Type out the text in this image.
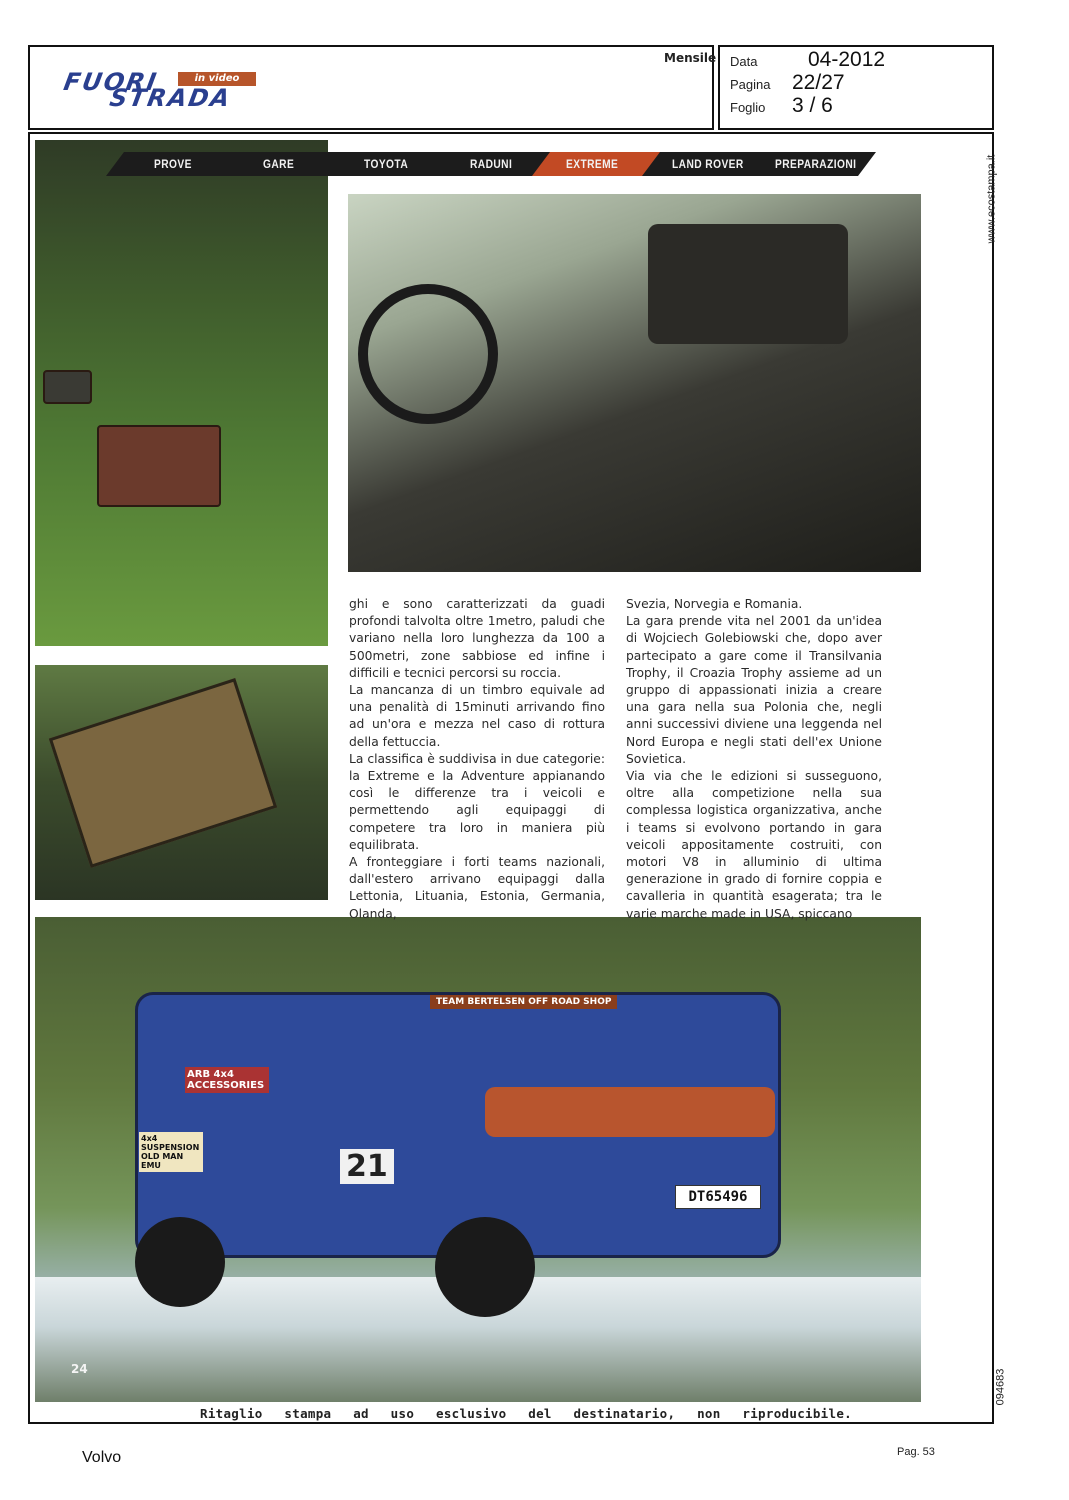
in video
FUORI
STRADA
Mensile Data 04-2012
Pagina 22/27
Foglio 3 / 6
DT65496
21
ARB 4x4 ACCESSORIES
4x4 SUSPENSION OLD MAN EMU
TEAM BERTELSEN OFF ROAD SHOP
24
PROVE	GARE	TOYOTA	RADUNI	EXTREME	LAND ROVER	PREPARAZIONI

ghi e sono caratterizzati da guadi profondi talvolta oltre 1metro, paludi che variano nella loro lunghezza da 100 a 500metri, zone sabbiose ed infine i difficili e tecnici percorsi su roccia.

La mancanza di un timbro equivale ad una penalità di 15minuti arrivando fino ad un'ora e mezza nel caso di rottura della fettuccia.

La classifica è suddivisa in due categorie: la Extreme e la Adventure appianando così le differenze tra i veicoli e permettendo agli equipaggi di competere tra loro in maniera più equilibrata.

A fronteggiare i forti teams nazionali, dall'estero arrivano equipaggi dalla Lettonia, Lituania, Estonia, Germania, Olanda,

Svezia, Norvegia e Romania.

La gara prende vita nel 2001 da un'idea di Wojciech Golebiowski che, dopo aver partecipato a gare come il Transilvania Trophy, il Croazia Trophy assieme ad un gruppo di appassionati inizia a creare una gara nella sua Polonia che, negli anni successivi diviene una leggenda nel Nord Europa e negli stati dell'ex Unione Sovietica.

Via via che le edizioni si susseguono, oltre alla competizione nella sua complessa logistica organizzativa, anche i teams si evolvono portando in gara veicoli appositamente costruiti, con motori V8 in alluminio di ultima generazione in grado di fornire coppia e cavalleria in quantità esagerata; tra le varie marche made in USA, spiccano

www.ecostampa.it
094683
Ritaglio stampa ad uso esclusivo del destinatario, non riproducibile.
Volvo	Pag. 53
